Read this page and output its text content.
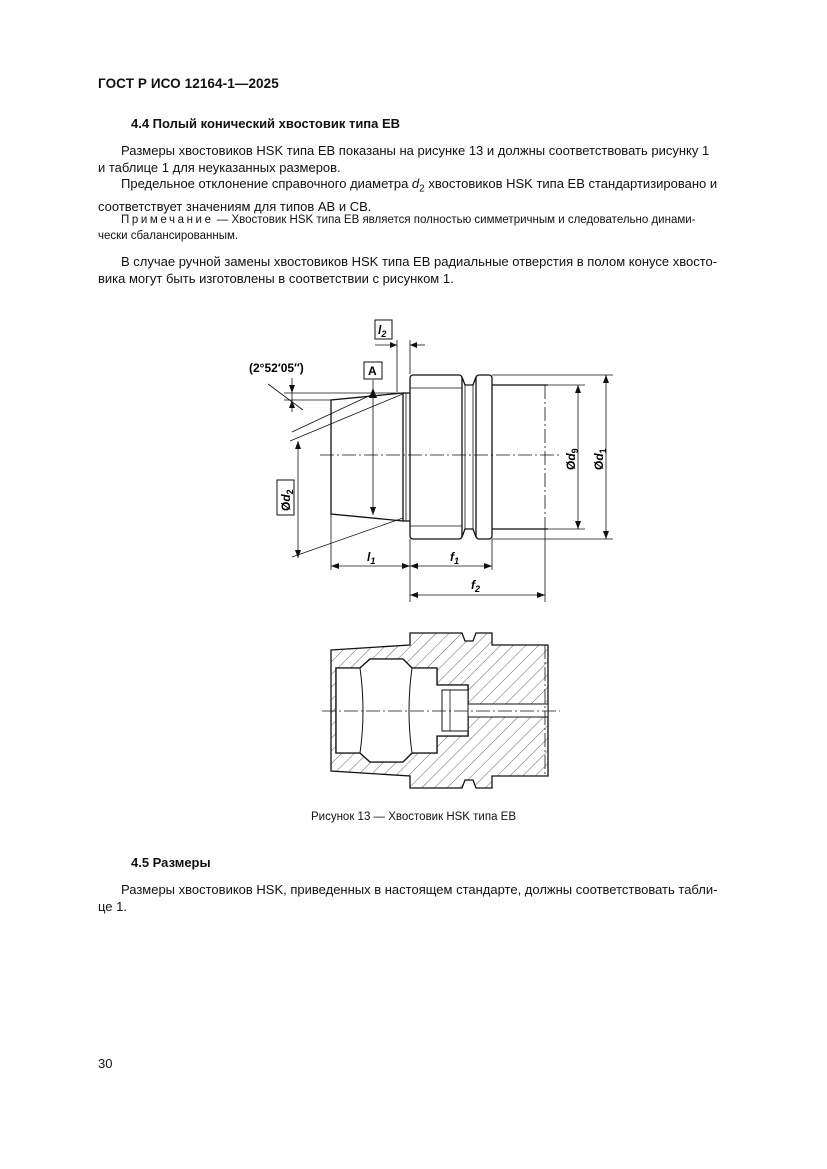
ГОСТ Р ИСО 12164-1—2025
4.4 Полый конический хвостовик типа EB
Размеры хвостовиков HSK типа EB показаны на рисунке 13 и должны соответствовать рисунку 1
и таблице 1 для неуказанных размеров.
Предельное отклонение справочного диаметра $d_2$ хвостовиков HSK типа EB стандартизировано и
соответствует значениям для типов AB и CB.
Примечание — Хвостовик HSK типа EB является полностью симметричным и следовательно динами-
чески сбалансированным.
В случае ручной замены хвостовиков HSK типа EB радиальные отверстия в полом конусе хвосто-
вика могут быть изготовлены в соответствии с рисунком 1.
(2°52′05″)	A
$l_2$
$l_1$	$f_1$
$f_2$
$Ød_2$
$Ød_9$
$Ød_1$
Рисунок 13 — Хвостовик HSK типа EB
4.5 Размеры
Размеры хвостовиков HSK, приведенных в настоящем стандарте, должны соответствовать табли-
це 1.
30
